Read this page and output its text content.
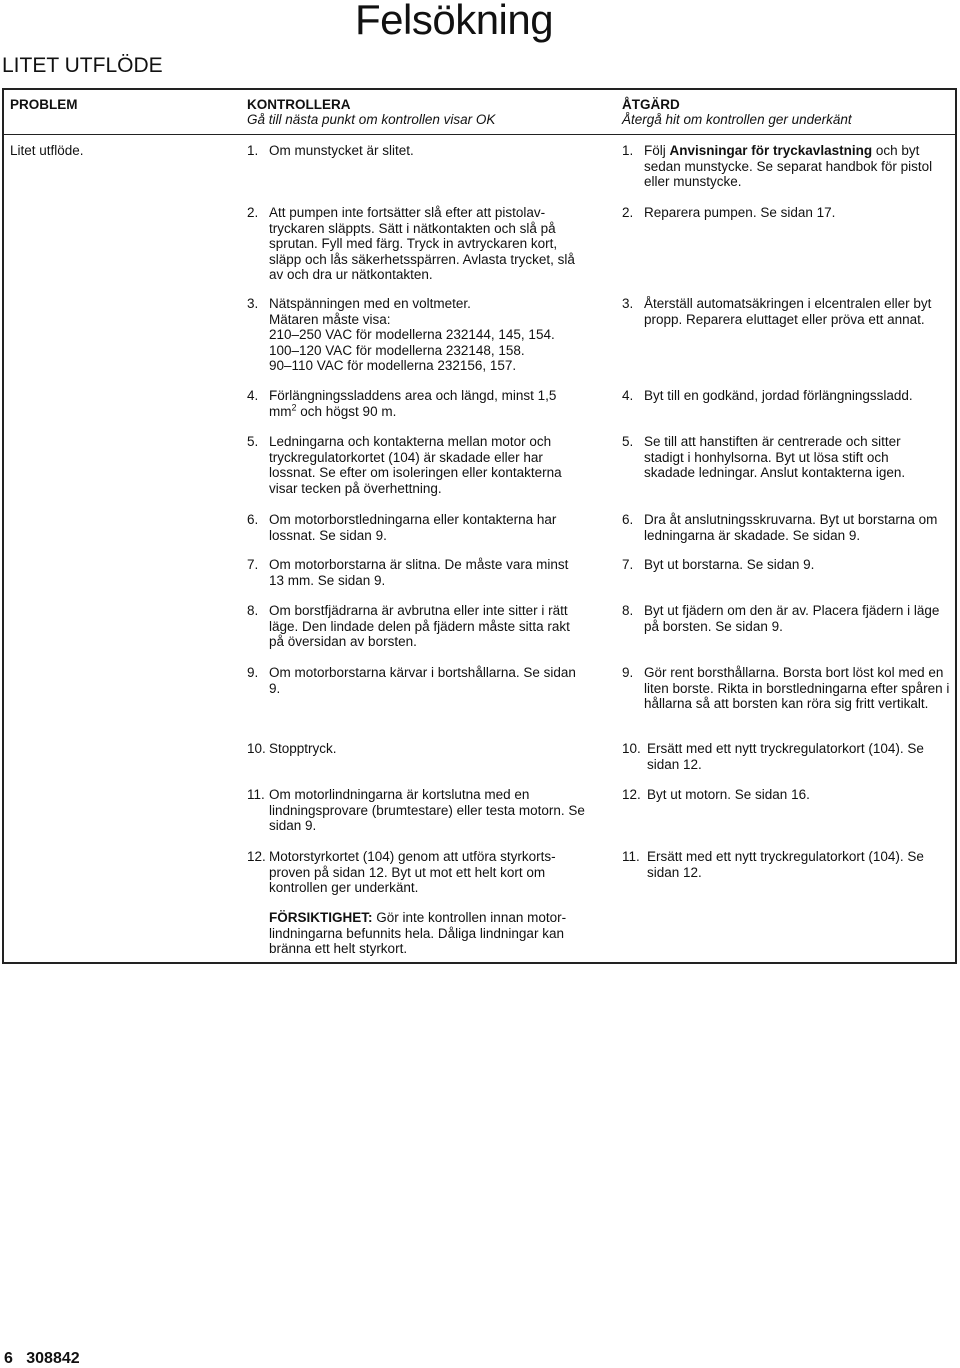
Felsökning
LITET UTFLÖDE
PROBLEM	KONTROLLERA
Gå till nästa punkt om kontrollen visar OK
ÅTGÄRD
Återgå hit om kontrollen ger underkänt
Litet utflöde.	1. Om munstycket är slitet.
2. Att pumpen inte fortsätter slå efter att pistolav-tryckaren släppts. Sätt i nätkontakten och slå på sprutan. Fyll med färg. Tryck in avtryckaren kort, släpp och lås säkerhetsspärren. Avlasta trycket, slå av och dra ur nätkontakten.
3. Nätspänningen med en voltmeter.
Mätaren måste visa:
210–250 VAC för modellerna 232144, 145, 154.
100–120 VAC för modellerna 232148, 158.
90–110 VAC för modellerna 232156, 157.
4. Förlängningssladdens area och längd, minst 1,5 $mm^2$ och högst 90 m.
5. Ledningarna och kontakterna mellan motor och tryckregulatorkortet (104) är skadade eller har lossnat. Se efter om isoleringen eller kontakterna visar tecken på överhettning.
6. Om motorborstledningarna eller kontakterna har lossnat. Se sidan 9.
7. Om motorborstarna är slitna. De måste vara minst 13 mm. Se sidan 9.
8. Om borstfjädrarna är avbrutna eller inte sitter i rätt läge. Den lindade delen på fjädern måste sitta rakt på översidan av borsten.
9. Om motorborstarna kärvar i bortshållarna. Se sidan 9.
10. Stopptryck.
11. Om motorlindningarna är kortslutna med en lindningsprovare (brumtestare) eller testa motorn. Se sidan 9.
12. Motorstyrkortet (104) genom att utföra styrkorts-proven på sidan 12. Byt ut mot ett helt kort om kontrollen ger underkänt.
FÖRSIKTIGHET: Gör inte kontrollen innan motor-lindningarna befunnits hela. Dåliga lindningar kan bränna ett helt styrkort.
1. Följ Anvisningar för tryckavlastning och byt sedan munstycke. Se separat handbok för pistol eller munstycke.
2. Reparera pumpen. Se sidan 17.
3. Återställ automatsäkringen i elcentralen eller byt propp. Reparera eluttaget eller pröva ett annat.
4. Byt till en godkänd, jordad förlängningssladd.
5. Se till att hanstiften är centrerade och sitter stadigt i honhylsorna. Byt ut lösa stift och skadade ledningar. Anslut kontakterna igen.
6. Dra åt anslutningsskruvarna. Byt ut borstarna om ledningarna är skadade. Se sidan 9.
7. Byt ut borstarna. Se sidan 9.
8. Byt ut fjädern om den är av. Placera fjädern i läge på borsten. Se sidan 9.
9. Gör rent borsthållarna. Borsta bort löst kol med en liten borste. Rikta in borstledningarna efter spåren i hållarna så att borsten kan röra sig fritt vertikalt.
10. Ersätt med ett nytt tryckregulatorkort (104). Se sidan 12.
12. Byt ut motorn. Se sidan 16.
11. Ersätt med ett nytt tryckregulatorkort (104). Se sidan 12.
6 308842
